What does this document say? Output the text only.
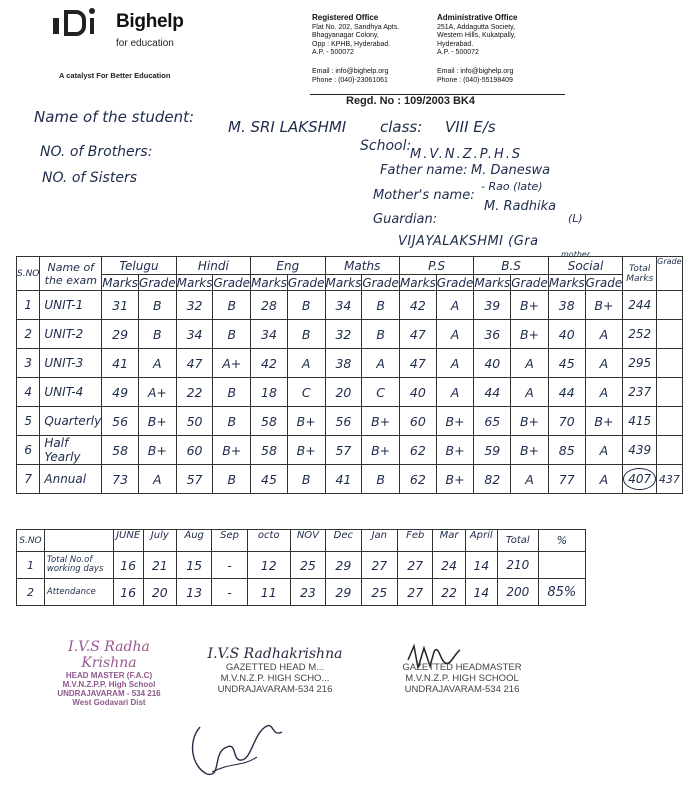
Bighelp
for education
A catalyst For Better Education
Registered Office
Flat No. 202, Sandhya Apts.
Bhagyanagar Colony,
Opp : KPHB, Hyderabad.
A.P. - 500072
Email : info@bighelp.org
Phone : (040)-23061061
Administrative Office
251A, Addagutta Society,
Western Hills, Kukatpally,
Hyderabad.
A.P. - 500072
Email : info@bighelp.org
Phone : (040)-55198409
Regd. No : 109/2003 BK4
Name of the student:
M. SRI LAKSHMI class: VIII E/s
School:
M.V.N.Z.P.H.S
NO. of Brothers:
NO. of Sisters	Father name: M. Daneswa
- Rao (late)
Mother's name:
M. Radhika
(L)
Guardian:
VIJAYALAKSHMI (Gra
mother
S.NO	Name of the exam	Telugu		Hindi		Eng		Maths		P.S		B.S		Social		Total Marks	Grade
		Marks	Grade	Marks	Grade	Marks	Grade	Marks	Grade	Marks	Grade	Marks	Grade	Marks	Grade		
1	UNIT-1	31	B	32	B	28	B	34	B	42	A	39	B+	38	B+	244	
2	UNIT-2	29	B	34	B	34	B	32	B	47	A	36	B+	40	A	252	
3	UNIT-3	41	A	47	A+	42	A	38	A	47	A	40	A	45	A	295	
4	UNIT-4	49	A+	22	B	18	C	20	C	40	A	44	A	44	A	237	
5	Quarterly	56	B+	50	B	58	B+	56	B+	60	B+	65	B+	70	B+	415	
6	Half Yearly	58	B+	60	B+	58	B+	57	B+	62	B+	59	B+	85	A	439	
7	Annual	73	A	57	B	45	B	41	B	62	B+	82	A	77	A	407	437
S.NO		JUNE	July	Aug	Sep	octo	NOV	Dec	Jan	Feb	Mar	April	Total	%
1	Total No.of working days	16	21	15	-	12	25	29	27	27	24	14	210	
2	Attendance	16	20	13	-	11	23	29	25	27	22	14	200	85%
I.V.S Radha Krishna
HEAD MASTER (F.A.C)
M.V.N.Z.P.P. High School
UNDRAJAVARAM - 534 216
West Godavari Dist
I.V.S Radhakrishna
GAZETTED HEAD M...
M.V.N.Z.P. HIGH SCHO...
UNDRAJAVARAM-534 216
GAZETTED HEADMASTER
M.V.N.Z.P. HIGH SCHOOL
UNDRAJAVARAM-534 216
